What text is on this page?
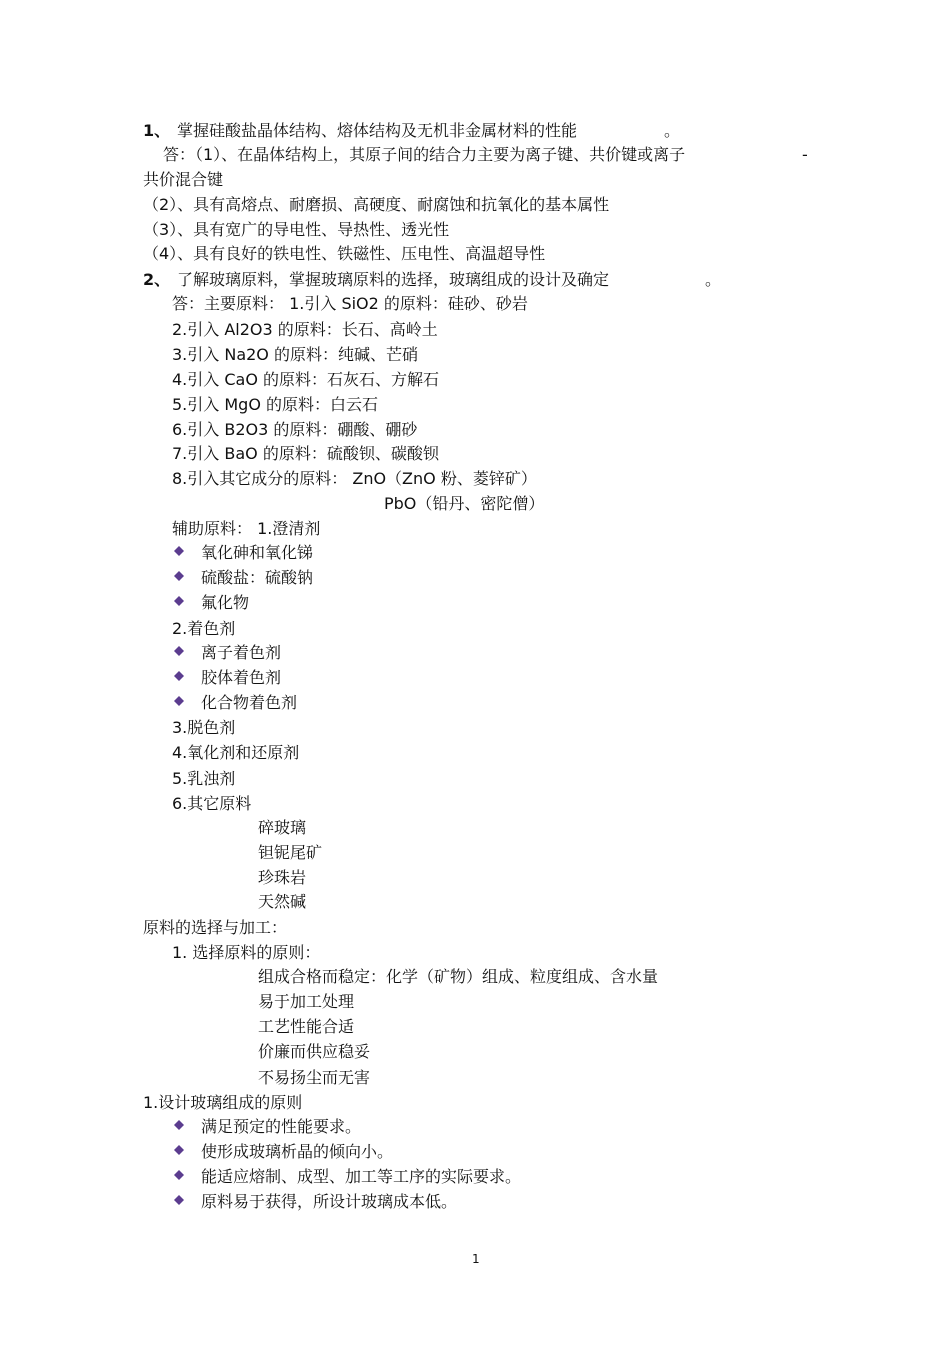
1、 掌握硅酸盐晶体结构、熔体结构及无机非金属材料的性能	。
答：（1）、在晶体结构上，其原子间的结合力主要为离子键、共价键或离子	-
共价混合键
（2）、具有高熔点、耐磨损、高硬度、耐腐蚀和抗氧化的基本属性
（3）、具有宽广的导电性、导热性、透光性
（4）、具有良好的铁电性、铁磁性、压电性、高温超导性
2、 了解玻璃原料，掌握玻璃原料的选择，玻璃组成的设计及确定	。
答：主要原料： 1.引入 SiO2 的原料：硅砂、砂岩
2.引入 Al2O3 的原料：长石、高岭土
3.引入 Na2O 的原料：纯碱、芒硝
4.引入 CaO 的原料：石灰石、方解石
5.引入 MgO 的原料：白云石
6.引入 B2O3 的原料：硼酸、硼砂
7.引入 BaO 的原料：硫酸钡、碳酸钡
8.引入其它成分的原料： ZnO（ZnO 粉、菱锌矿）
PbO（铅丹、密陀僧）
辅助原料： 1.澄清剂
氧化砷和氧化锑
硫酸盐：硫酸钠
氟化物
2.着色剂
离子着色剂
胶体着色剂
化合物着色剂
3.脱色剂
4.氧化剂和还原剂
5.乳浊剂
6.其它原料
碎玻璃
钽铌尾矿
珍珠岩
天然碱
原料的选择与加工：
1. 选择原料的原则：
组成合格而稳定：化学（矿物）组成、粒度组成、含水量
易于加工处理
工艺性能合适
价廉而供应稳妥
不易扬尘而无害
1.设计玻璃组成的原则
满足预定的性能要求。
使形成玻璃析晶的倾向小。
能适应熔制、成型、加工等工序的实际要求。
原料易于获得，所设计玻璃成本低。
1
